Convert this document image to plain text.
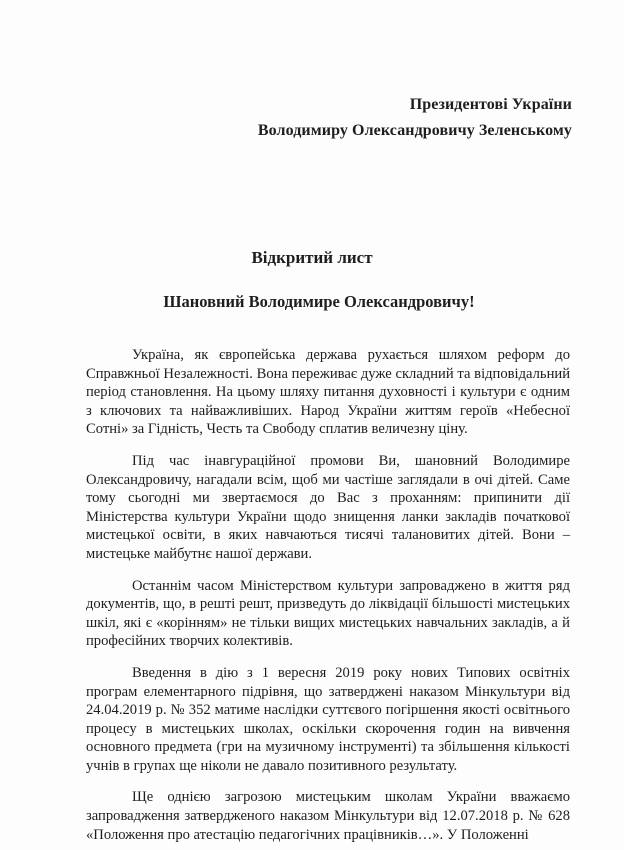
Президентові України
Володимиру Олександровичу Зеленському
Відкритий лист
Шановний Володимире Олександровичу!

Україна, як європейська держава рухається шляхом реформ до Справжньої Незалежності. Вона переживає дуже складний та відповідальний період становлення. На цьому шляху питання духовності і культури є одним з ключових та найважливіших. Народ України життям героїв «Небесної Сотні» за Гідність, Честь та Свободу сплатив величезну ціну.

Під час інавгураційної промови Ви, шановний Володимире Олександровичу, нагадали всім, щоб ми частіше заглядали в очі дітей. Саме тому сьогодні ми звертаємося до Вас з проханням: припинити дії Міністерства культури України щодо знищення ланки закладів початкової мистецької освіти, в яких навчаються тисячі талановитих дітей. Вони – мистецьке майбутнє нашої держави.

Останнім часом Міністерством культури запроваджено в життя ряд документів, що, в решті решт, призведуть до ліквідації більшості мистецьких шкіл, які є «корінням» не тільки вищих мистецьких навчальних закладів, а й професійних творчих колективів.

Введення в дію з 1 вересня 2019 року нових Типових освітніх програм елементарного підрівня, що затверджені наказом Мінкультури від 24.04.2019 р. № 352 матиме наслідки суттєвого погіршення якості освітнього процесу в мистецьких школах, оскільки скорочення годин на вивчення основного предмета (гри на музичному інструменті) та збільшення кількості учнів в групах ще ніколи не давало позитивного результату.

Ще однією загрозою мистецьким школам України вважаємо запровадження затвердженого наказом Мінкультури від 12.07.2018 р. № 628 «Положення про атестацію педагогічних працівників…». У Положенні
